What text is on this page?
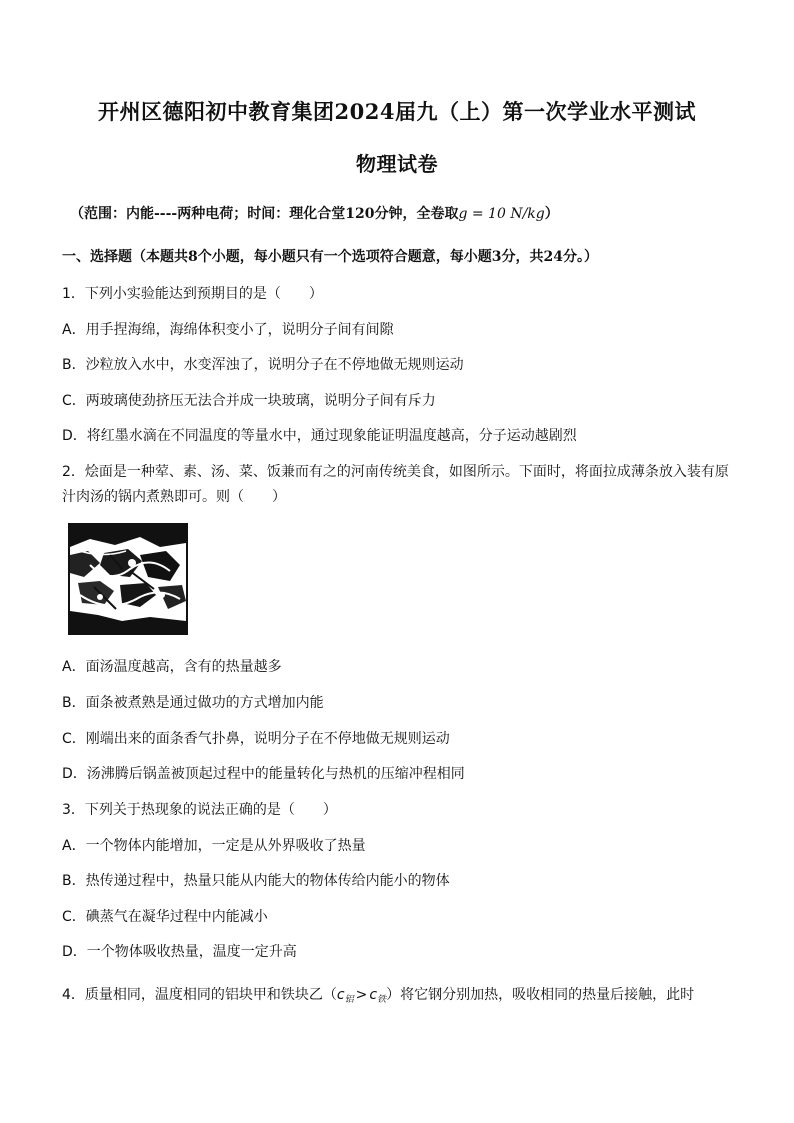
开州区德阳初中教育集团2024届九（上）第一次学业水平测试
物理试卷
（范围：内能----两种电荷；时间：理化合堂120分钟，全卷取g = 10 N/kg）
一、选择题（本题共8个小题，每小题只有一个选项符合题意，每小题3分，共24分。）
1．下列小实验能达到预期目的是（　　）
A．用手捏海绵，海绵体积变小了，说明分子间有间隙
B．沙粒放入水中，水变浑浊了，说明分子在不停地做无规则运动
C．两玻璃使劲挤压无法合并成一块玻璃，说明分子间有斥力
D．将红墨水滴在不同温度的等量水中，通过现象能证明温度越高，分子运动越剧烈
2．烩面是一种荤、素、汤、菜、饭兼而有之的河南传统美食，如图所示。下面时，将面拉成薄条放入装有原
汁肉汤的锅内煮熟即可。则（　　）
A．面汤温度越高，含有的热量越多
B．面条被煮熟是通过做功的方式增加内能
C．刚端出来的面条香气扑鼻，说明分子在不停地做无规则运动
D．汤沸腾后锅盖被顶起过程中的能量转化与热机的压缩冲程相同
3．下列关于热现象的说法正确的是（　　）
A．一个物体内能增加，一定是从外界吸收了热量
B．热传递过程中，热量只能从内能大的物体传给内能小的物体
C．碘蒸气在凝华过程中内能减小
D．一个物体吸收热量，温度一定升高
4．质量相同，温度相同的铝块甲和铁块乙$(c_铝 > c_铁)$将它钢分别加热，吸收相同的热量后接触，此时
